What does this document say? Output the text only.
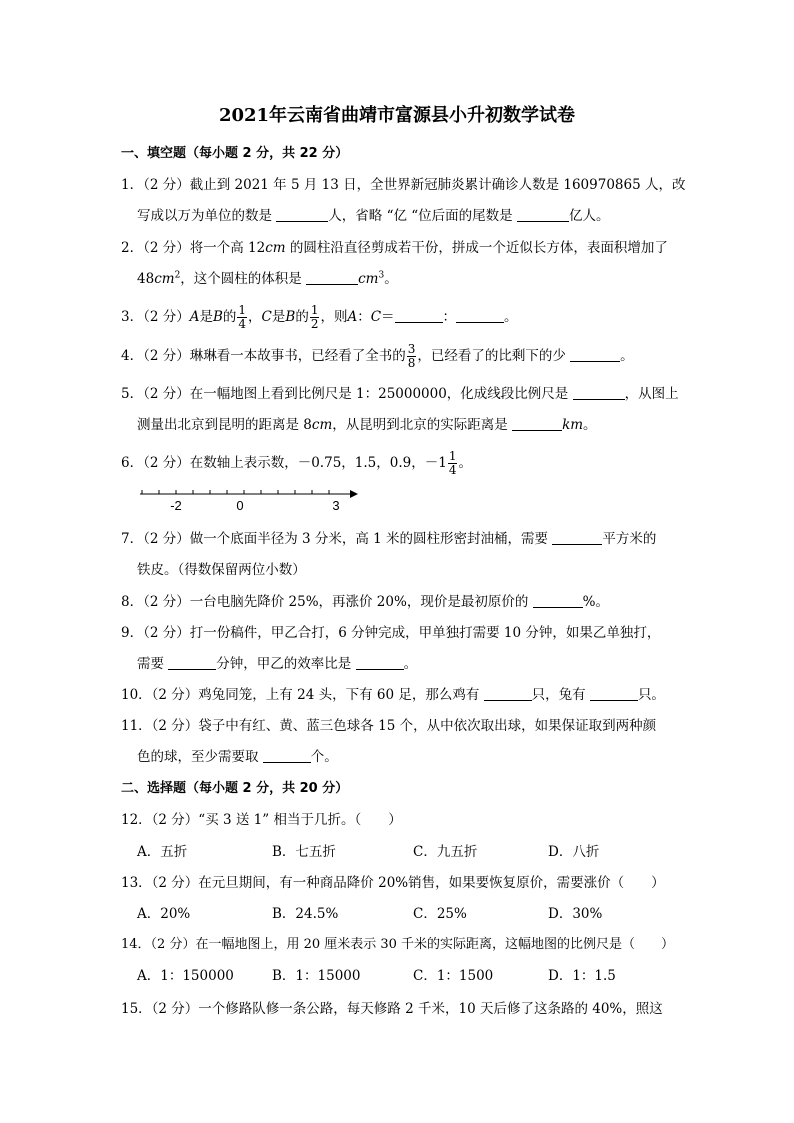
2021年云南省曲靖市富源县小升初数学试卷
一、填空题（每小题 2 分，共 22 分）
1．（2 分）截止到 2021 年 5 月 13 日，全世界新冠肺炎累计确诊人数是 160970865 人，改
写成以万为单位的数是	人，省略 “亿 “位后面的尾数是	亿人。
2．（2 分）将一个高 12cm 的圆柱沿直径剪成若干份，拼成一个近似长方体，表面积增加了
$48cm^2$，这个圆柱的体积是	$cm^3$。
3．（2 分）A是B的 $\frac{1}{4}$ ，C是B的 $\frac{1}{2}$ ，则A：C＝	：	。
4．（2 分）琳琳看一本故事书，已经看了全书的 $\frac{3}{8}$ ，已经看了的比剩下的少	。
5．（2 分）在一幅地图上看到比例尺是 1：25000000，化成线段比例尺是	，从图上
测量出北京到昆明的距离是 8cm，从昆明到北京的实际距离是	km。
6．（2 分）在数轴上表示数，－0.75，1.5，0.9，$-1 \frac{1}{4}$ 。
-2	0	3
7．（2 分）做一个底面半径为 3 分米，高 1 米的圆柱形密封油桶，需要	平方米的
铁皮。（得数保留两位小数）
8．（2 分）一台电脑先降价 25%，再涨价 20%，现价是最初原价的	%。
9．（2 分）打一份稿件，甲乙合打，6 分钟完成，甲单独打需要 10 分钟，如果乙单独打，
需要	分钟，甲乙的效率比是	。
10．（2 分）鸡兔同笼，上有 24 头，下有 60 足，那么鸡有	只，兔有	只。
11．（2 分）袋子中有红、黄、蓝三色球各 15 个，从中依次取出球，如果保证取到两种颜
色的球，至少需要取	个。
二、选择题（每小题 2 分，共 20 分）
12．（2 分）“买 3 送 1” 相当于几折。（　　）
A．五折	B．七五折	C．九五折	D．八折
13．（2 分）在元旦期间，有一种商品降价 20%销售，如果要恢复原价，需要涨价（　　）
A．20%	B．24.5%	C．25%	D．30%
14．（2 分）在一幅地图上，用 20 厘米表示 30 千米的实际距离，这幅地图的比例尺是（　　）
A．1：150000	B．1：15000	C．1：1500	D．1：1.5
15．（2 分）一个修路队修一条公路，每天修路 2 千米，10 天后修了这条路的 40%，照这
